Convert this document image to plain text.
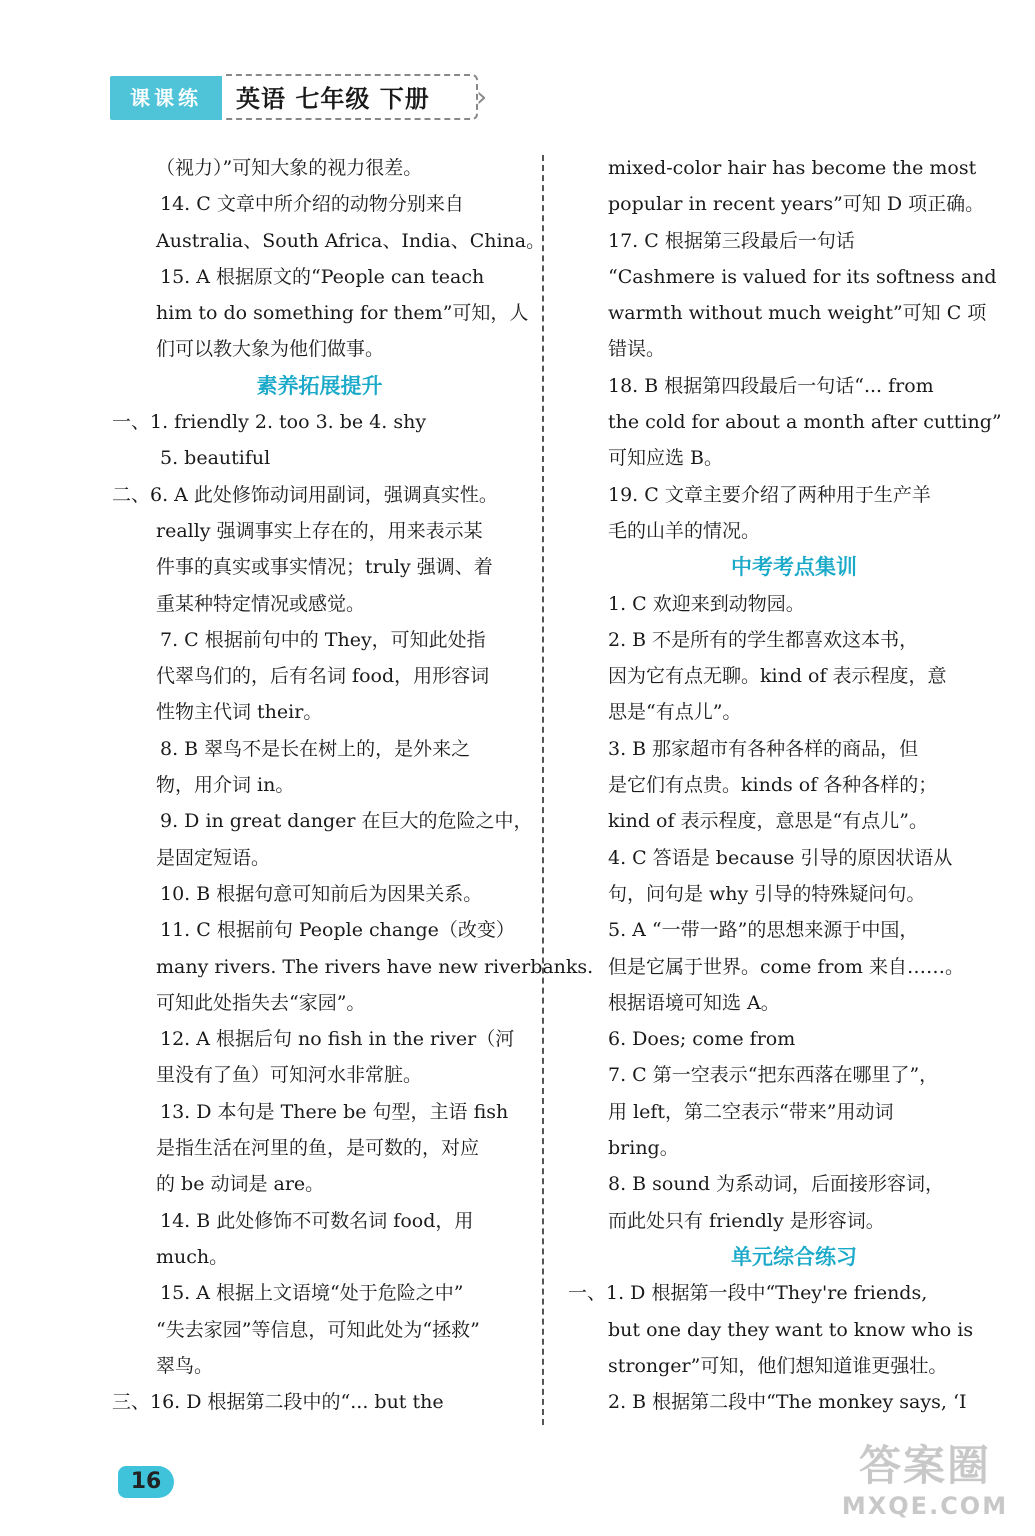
课课练	英语 七年级 下册	›
（视力）”可知大象的视力很差。
14. C 文章中所介绍的动物分别来自
Australia、South Africa、India、China。
15. A 根据原文的“People can teach
him to do something for them”可知，人
们可以教大象为他们做事。
素养拓展提升
一、1. friendly 2. too 3. be 4. shy
5. beautiful
二、6. A 此处修饰动词用副词，强调真实性。
really 强调事实上存在的，用来表示某
件事的真实或事实情况；truly 强调、着
重某种特定情况或感觉。
7. C 根据前句中的 They，可知此处指
代翠鸟们的，后有名词 food，用形容词
性物主代词 their。
8. B 翠鸟不是长在树上的，是外来之
物，用介词 in。
9. D in great danger 在巨大的危险之中，
是固定短语。
10. B 根据句意可知前后为因果关系。
11. C 根据前句 People change（改变）
many rivers. The rivers have new riverbanks.
可知此处指失去“家园”。
12. A 根据后句 no fish in the river（河
里没有了鱼）可知河水非常脏。
13. D 本句是 There be 句型，主语 fish
是指生活在河里的鱼，是可数的，对应
的 be 动词是 are。
14. B 此处修饰不可数名词 food，用
much。
15. A 根据上文语境“处于危险之中”
“失去家园”等信息，可知此处为“拯救”
翠鸟。
三、16. D 根据第二段中的“... but the
mixed-color hair has become the most
popular in recent years”可知 D 项正确。
17. C 根据第三段最后一句话
“Cashmere is valued for its softness and
warmth without much weight”可知 C 项
错误。
18. B 根据第四段最后一句话“... from
the cold for about a month after cutting”
可知应选 B。
19. C 文章主要介绍了两种用于生产羊
毛的山羊的情况。
中考考点集训
1. C 欢迎来到动物园。
2. B 不是所有的学生都喜欢这本书，
因为它有点无聊。kind of 表示程度，意
思是“有点儿”。
3. B 那家超市有各种各样的商品，但
是它们有点贵。kinds of 各种各样的；
kind of 表示程度，意思是“有点儿”。
4. C 答语是 because 引导的原因状语从
句，问句是 why 引导的特殊疑问句。
5. A “一带一路”的思想来源于中国，
但是它属于世界。come from 来自……。
根据语境可知选 A。
6. Does; come from
7. C 第一空表示“把东西落在哪里了”，
用 left，第二空表示“带来”用动词
bring。
8. B sound 为系动词，后面接形容词，
而此处只有 friendly 是形容词。
单元综合练习
一、1. D 根据第一段中“They're friends,
but one day they want to know who is
stronger”可知，他们想知道谁更强壮。
2. B 根据第二段中“The monkey says, ‘I
16	答案圈
MXQE.COM
